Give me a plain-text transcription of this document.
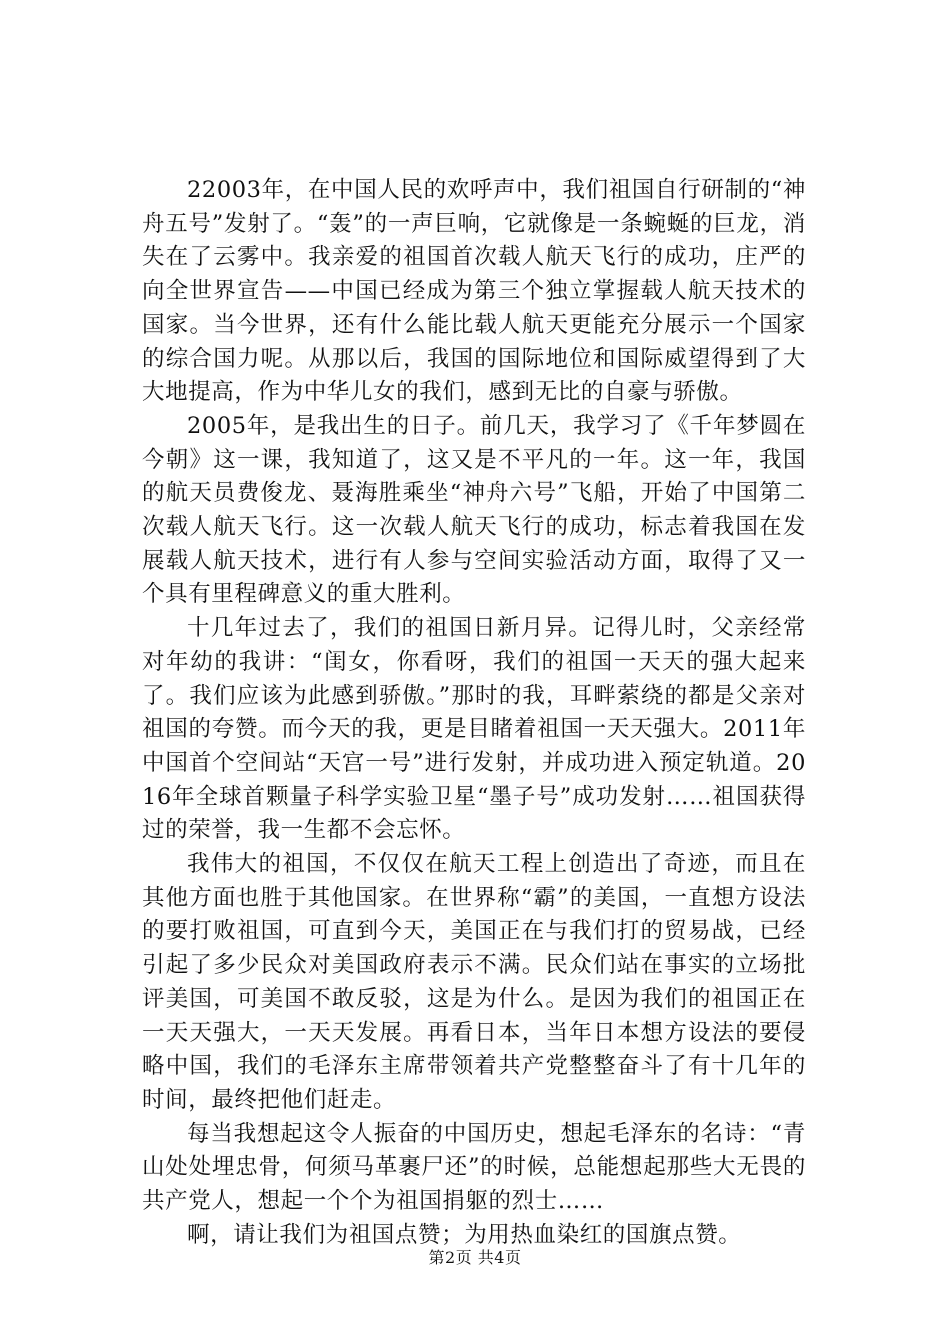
22003年，在中国人民的欢呼声中，我们祖国自行研制的“神舟五号”发射了。“轰”的一声巨响，它就像是一条蜿蜒的巨龙，消失在了云雾中。我亲爱的祖国首次载人航天飞行的成功，庄严的向全世界宣告——中国已经成为第三个独立掌握载人航天技术的国家。当今世界，还有什么能比载人航天更能充分展示一个国家的综合国力呢。从那以后，我国的国际地位和国际威望得到了大大地提高，作为中华儿女的我们，感到无比的自豪与骄傲。

2005年，是我出生的日子。前几天，我学习了《千年梦圆在今朝》这一课，我知道了，这又是不平凡的一年。这一年，我国的航天员费俊龙、聂海胜乘坐“神舟六号”飞船，开始了中国第二次载人航天飞行。这一次载人航天飞行的成功，标志着我国在发展载人航天技术，进行有人参与空间实验活动方面，取得了又一个具有里程碑意义的重大胜利。

十几年过去了，我们的祖国日新月异。记得儿时，父亲经常对年幼的我讲：“闺女，你看呀，我们的祖国一天天的强大起来了。我们应该为此感到骄傲。”那时的我，耳畔萦绕的都是父亲对祖国的夸赞。而今天的我，更是目睹着祖国一天天强大。2011年中国首个空间站“天宫一号”进行发射，并成功进入预定轨道。2016年全球首颗量子科学实验卫星“墨子号”成功发射……祖国获得过的荣誉，我一生都不会忘怀。

我伟大的祖国，不仅仅在航天工程上创造出了奇迹，而且在其他方面也胜于其他国家。在世界称“霸”的美国，一直想方设法的要打败祖国，可直到今天，美国正在与我们打的贸易战，已经引起了多少民众对美国政府表示不满。民众们站在事实的立场批评美国，可美国不敢反驳，这是为什么。是因为我们的祖国正在一天天强大，一天天发展。再看日本，当年日本想方设法的要侵略中国，我们的毛泽东主席带领着共产党整整奋斗了有十几年的时间，最终把他们赶走。

每当我想起这令人振奋的中国历史，想起毛泽东的名诗：“青山处处埋忠骨，何须马革裹尸还”的时候，总能想起那些大无畏的共产党人，想起一个个为祖国捐躯的烈士……

啊，请让我们为祖国点赞；为用热血染红的国旗点赞。

第2页 共4页
